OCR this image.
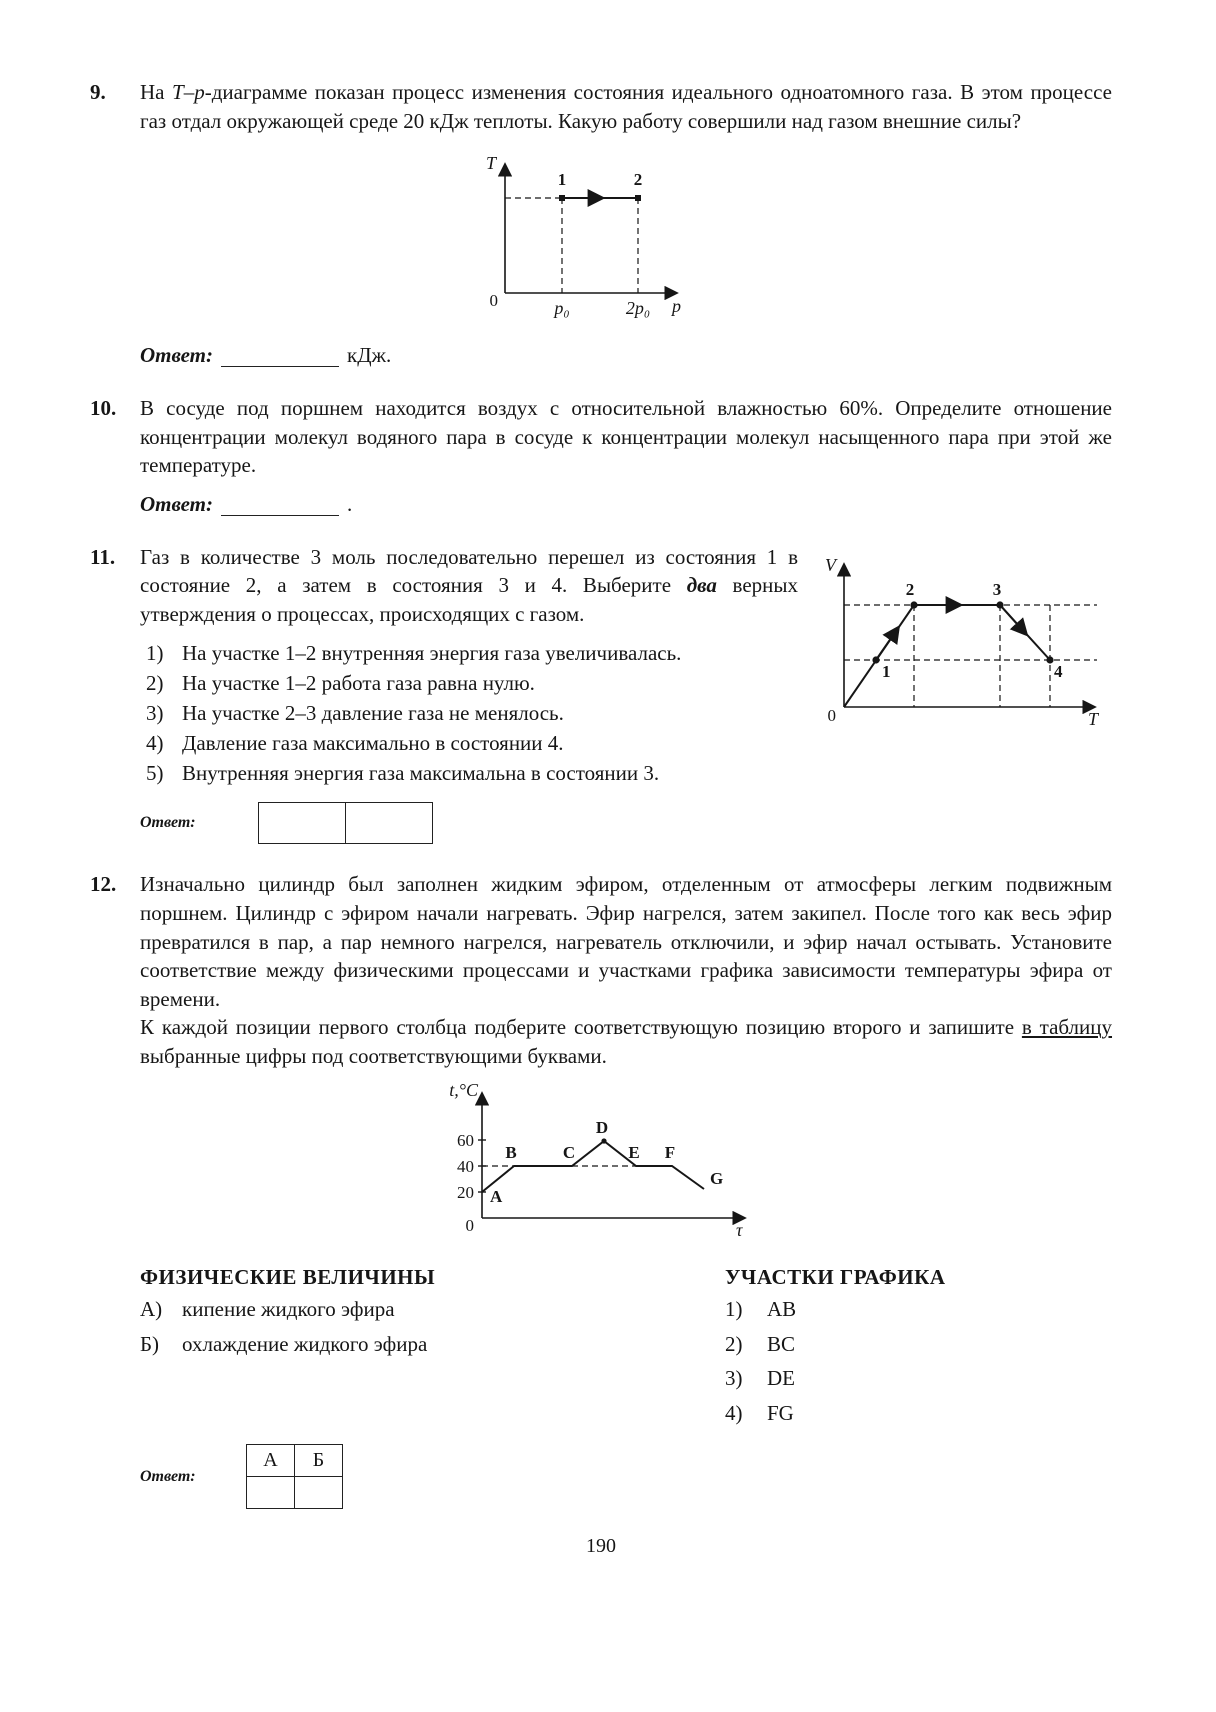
9.	На Т–р-диаграмме показан процесс изменения состояния идеального одноатомного газа. В этом процессе газ отдал окружающей среде 20 кДж теплоты. Какую работу совершили над газом внешние силы?

T
0
1	2
p₀	2p₀ p
Ответ:	кДж.
10.	В сосуде под поршнем находится воздух с относительной влажностью 60%. Определите отношение концентрации молекул водяного пара в сосуде к концентрации молекул насыщенного пара при этой же температуре.

Ответ:	.
11.	Газ в количестве 3 моль последовательно перешел из состояния 1 в состояние 2, а затем в состояния 3 и 4. Выберите два верных утверждения о процессах, происходящих с газом.

1) На участке 1–2 внутренняя энергия газа увеличивалась.
2) На участке 1–2 работа газа равна нулю.
3) На участке 2–3 давление газа не менялось.
4) Давление газа максимально в состоянии 4.
5) Внутренняя энергия газа максимальна в состоянии 3.
Ответ:
V
0	T
1
2	3
4
12.	Изначально цилиндр был заполнен жидким эфиром, отделенным от атмосферы легким подвижным поршнем. Цилиндр с эфиром начали нагревать. Эфир нагрелся, затем закипел. После того как весь эфир превратился в пар, а пар немного нагрелся, нагреватель отключили, и эфир начал остывать. Установите соответствие между физическими процессами и участками графика зависимости температуры эфира от времени.

К каждой позиции первого столбца подберите соответствующую позицию второго и запишите в таблицу выбранные цифры под соответствующими буквами.

t,°C
60
40
20
0	τ
A
B	C
D
E F
G
ФИЗИЧЕСКИЕ ВЕЛИЧИНЫ
А) кипение жидкого эфира
Б)	охлаждение жидкого эфира
УЧАСТКИ ГРАФИКА
1)	AB
2)	BC
3)	DE
4)	FG
Ответ:
А	Б

190
